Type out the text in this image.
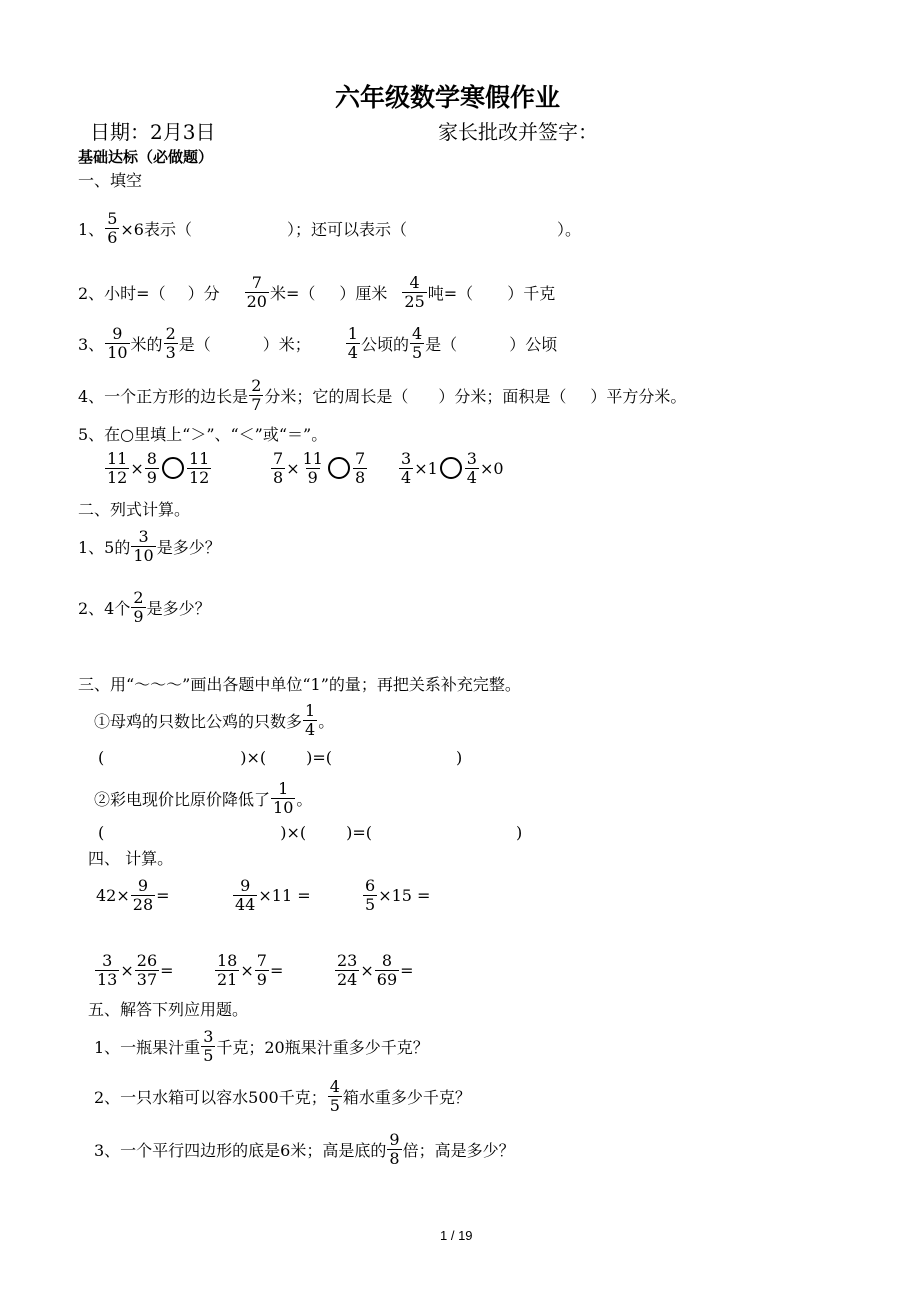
六年级数学寒假作业
日期：2月3日	家长批改并签字：
基础达标（必做题）
一、填空
1、 $\frac{5}{6} \times 6$表示（	）；还可以表示（	）。
2、小时=（ ）分 $\frac{7}{20}$ 米=（ ）厘米 $\frac{4}{25}$ 吨=（ ）千克
3、 $\frac{9}{10}$ 米的 $\frac{2}{3}$ 是（	）米； $\frac{1}{4}$ 公顷的 $\frac{4}{5}$ 是（	）公顷
4、一个正方形的边长是 $\frac{2}{7}$ 分米；它的周长是（ ）分米；面积是（ ）平方分米。
5、在○里填上“＞”、“＜”或“＝”。
$\frac{11}{12} \times \frac{8}{9} \frac{11}{12}$	$\frac{7}{8} \times \frac{11}{9} \frac{7}{8} \frac{3}{4} \times 1 \frac{3}{4} \times 0$
二、列式计算。
1、5的 $\frac{3}{10}$ 是多少？
2、4个 $\frac{2}{9}$ 是多少？
三、用“～～～”画出各题中单位“1”的量；再把关系补充完整。
①母鸡的只数比公鸡的只数多 $\frac{1}{4}$ 。
(	)×(	)=(	)
②彩电现价比原价降低了 $\frac{1}{10}$ 。
(	)×(	)=(	)
四、 计算。
$42\times \frac{9}{28}$ =	$\frac{9}{44} \times 11$ =	$\frac{6}{5} \times 15$ =
$\frac{3}{13} \times \frac{26}{37}$ =	$\frac{18}{21} \times \frac{7}{9}$ =	$\frac{23}{24} \times \frac{8}{69}$ =
五、解答下列应用题。
1、一瓶果汁重 $\frac{3}{5}$ 千克；20瓶果汁重多少千克？
2、一只水箱可以容水500千克； $\frac{4}{5}$ 箱水重多少千克？
3、一个平行四边形的底是6米；高是底的 $\frac{9}{8}$ 倍；高是多少？
1 / 19
